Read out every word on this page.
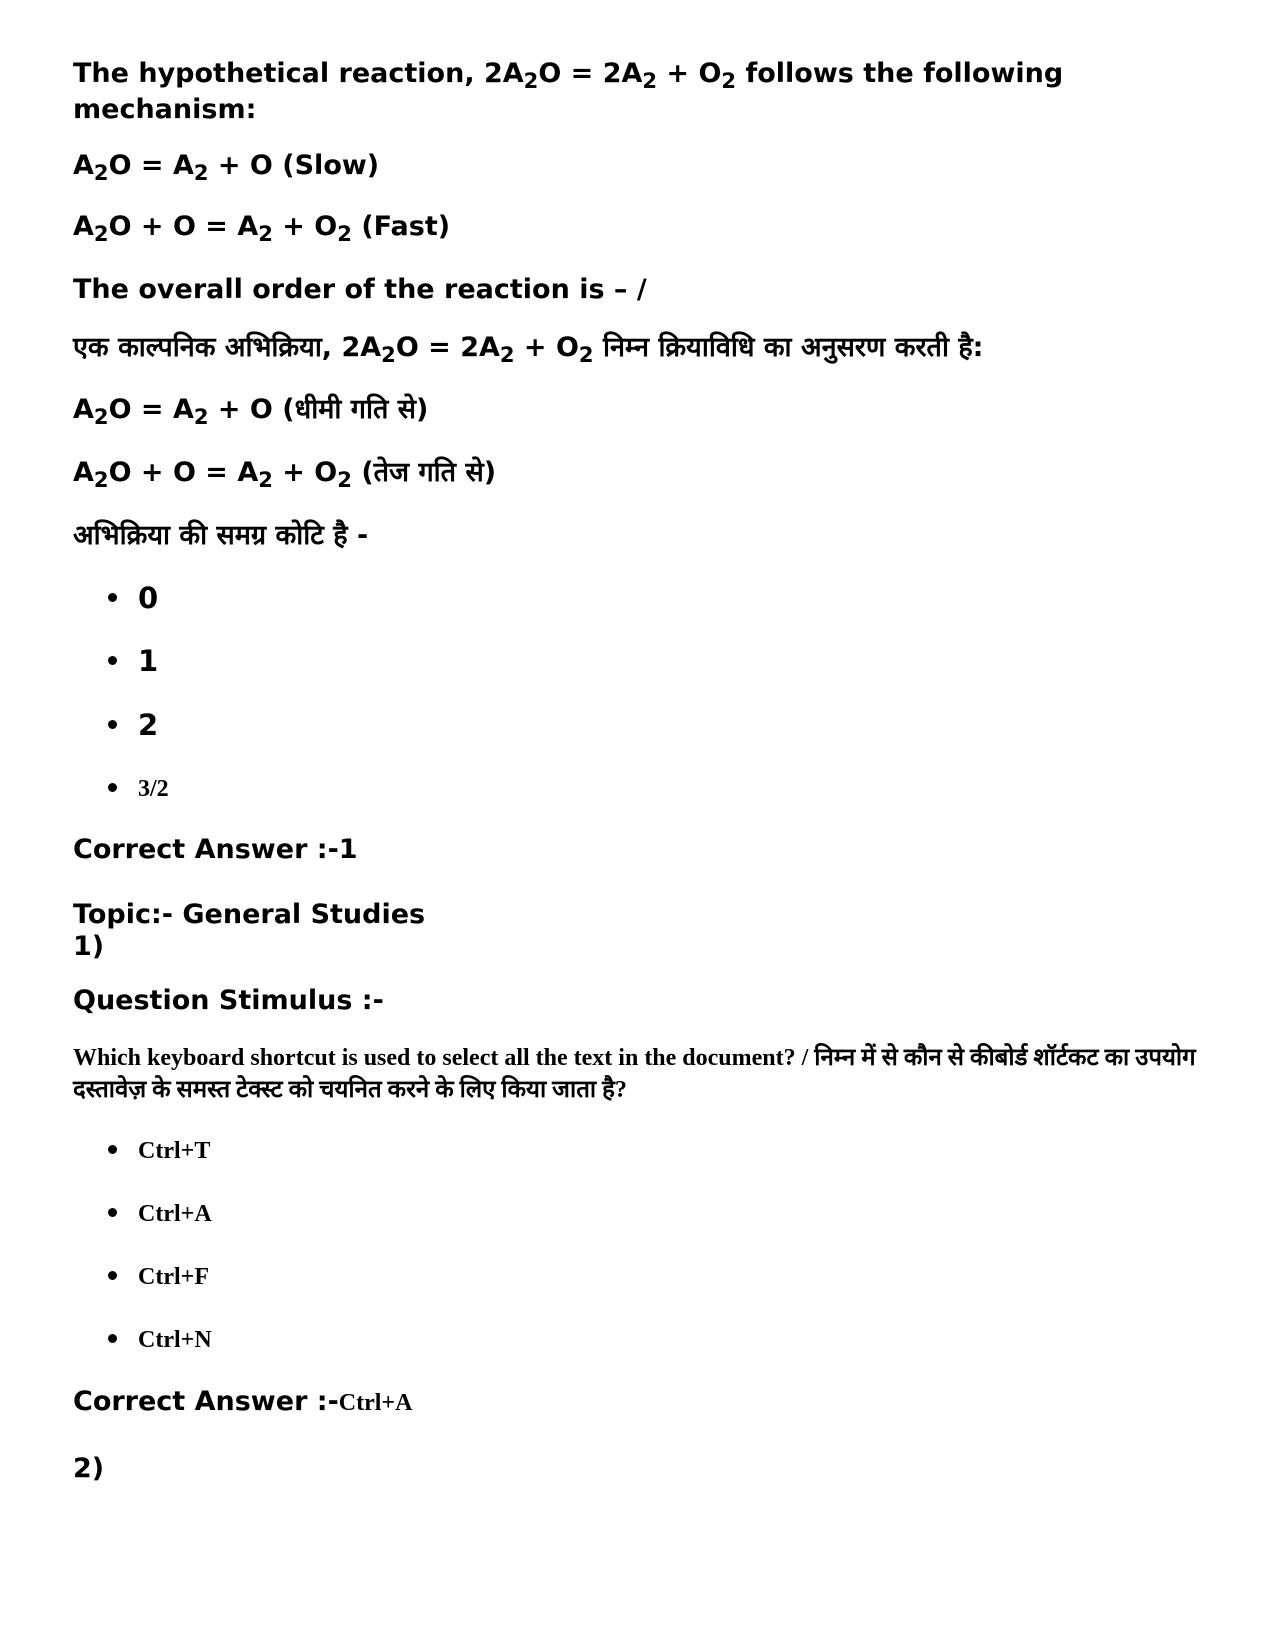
The hypothetical reaction, $2A_2O = 2A_2 + O_2$ follows the following
mechanism:
$A_2O = A_2 + O$ (Slow)
$A_2O + O = A_2 + O_2$ (Fast)
The overall order of the reaction is – /
एक काल्पनिक अभिक्रिया, $2A_2O = 2A_2 + O_2$ निम्न क्रियाविधि का अनुसरण करती है:
$A_2O = A_2 + O$ (धीमी गति से)
$A_2O + O = A_2 + O_2$ (तेज गति से)
अभिक्रिया की समग्र कोटि है -
0
1
2
3/2
Correct Answer :-1
Topic:- General Studies
1)
Question Stimulus :-
Which keyboard shortcut is used to select all the text in the document? / निम्न में से कौन से कीबोर्ड शॉर्टकट का उपयोग दस्तावेज़ के समस्त टेक्स्ट को चयनित करने के लिए किया जाता है?
Ctrl+T
Ctrl+A
Ctrl+F
Ctrl+N
Correct Answer :-Ctrl+A
2)
